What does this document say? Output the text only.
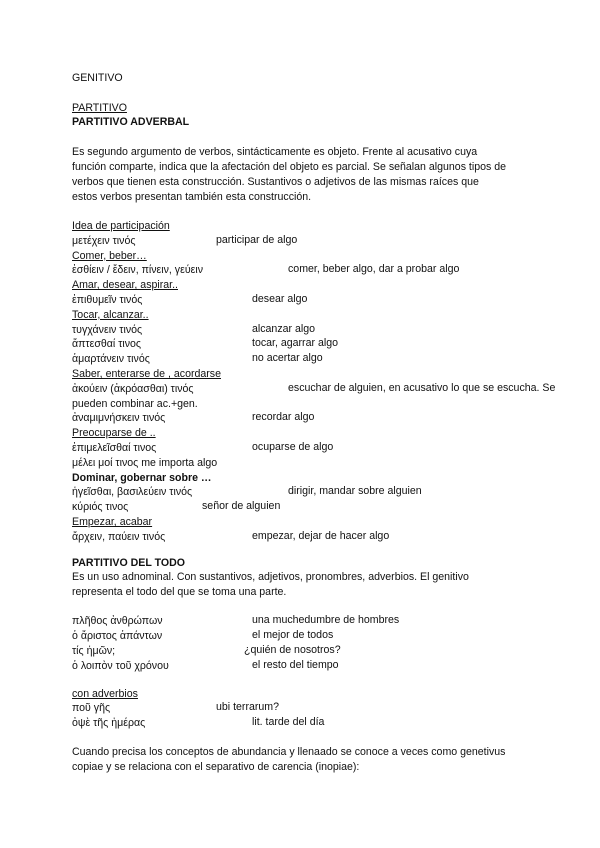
GENITIVO
PARTITIVO
PARTITIVO ADVERBAL
Es segundo argumento de verbos, sintácticamente es objeto. Frente al acusativo cuya
función comparte, indica que la afectación del objeto es parcial. Se señalan algunos tipos de
verbos que tienen esta construcción. Sustantivos o adjetivos de las mismas raíces que
estos verbos presentan también esta construcción.
Idea de participación
μετέχειν τινός	participar de algo
Comer, beber…
ἐσθίειν / ἔδειν, πίνειν, γεύειν	comer, beber algo, dar a probar algo
Amar, desear, aspirar..
ἐπιθυμεῖν τινός	desear algo
Tocar, alcanzar..
τυγχάνειν τινός	alcanzar algo
ἅπτεσθαί τινος	tocar, agarrar algo
ἁμαρτάνειν τινός	no acertar algo
Saber, enterarse de , acordarse
ἀκούειν (ἀκρόασθαι) τινός	escuchar de alguien, en acusativo lo que se escucha. Se
pueden combinar ac.+gen.
ἀναμιμνήσκειν τινός	recordar algo
Preocuparse de ..
ἐπιμελεῖσθαί τινος	ocuparse de algo
μέλει μοί τινος me importa algo
Dominar, gobernar sobre …
ἡγεῖσθαι, βασιλεύειν τινός	dirigir, mandar sobre alguien
κύριός τινος	señor de alguien
Empezar, acabar
ἄρχειν, παύειν τινός	empezar, dejar de hacer algo
PARTITIVO DEL TODO
Es un uso adnominal. Con sustantivos, adjetivos, pronombres, adverbios. El genitivo
representa el todo del que se toma una parte.
πλῆθος ἀνθρώπων	una muchedumbre de hombres
ὁ ἄριστος ἁπάντων	el mejor de todos
τίς ἡμῶν;	¿quién de nosotros?
ὁ λοιπὸν τοῦ χρόνου	el resto del tiempo
con adverbios
ποῦ γῆς	ubi terrarum?
ὀψὲ τῆς ἡμέρας	lit. tarde del día
Cuando precisa los conceptos de abundancia y llenaado se conoce a veces como genetivus
copiae y se relaciona con el separativo de carencia (inopiae):
